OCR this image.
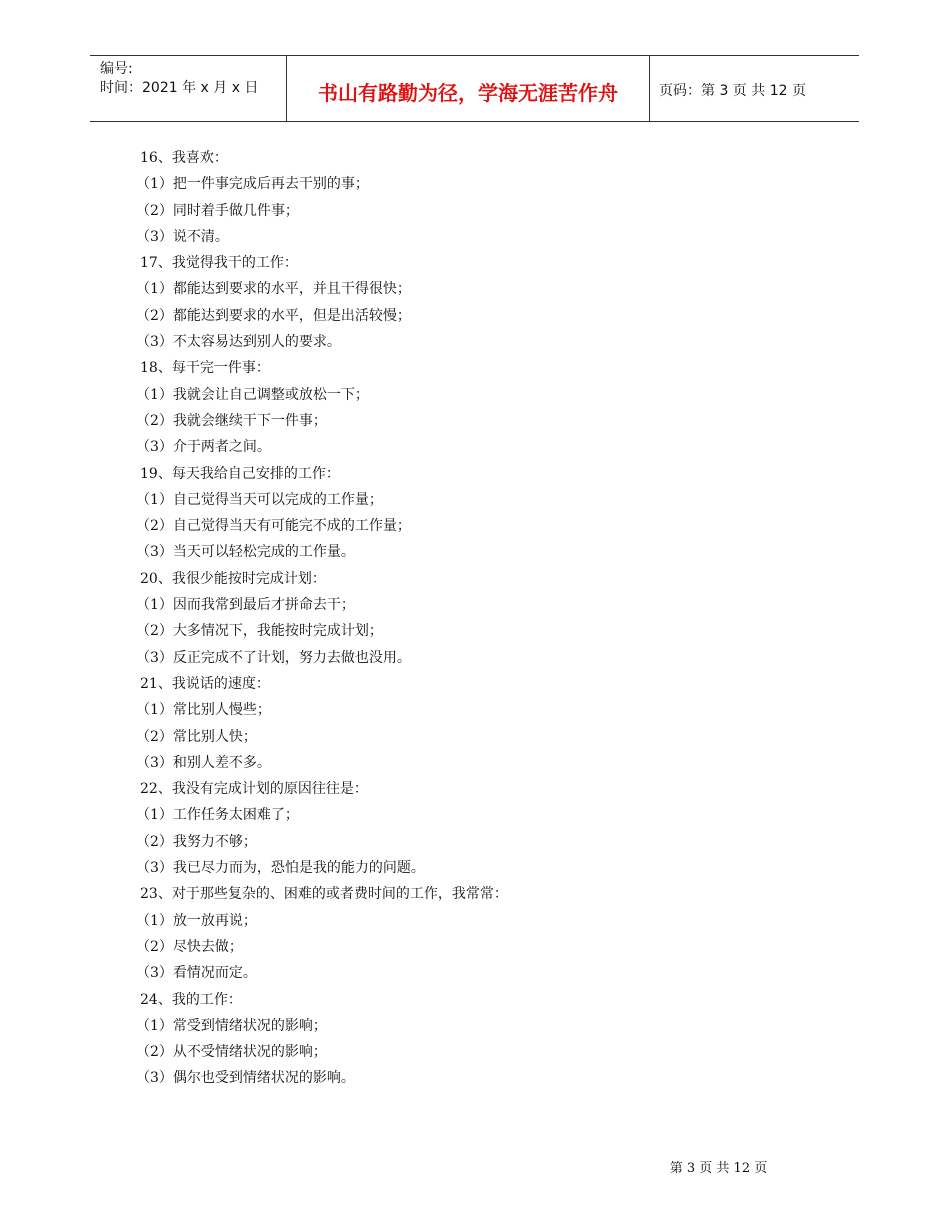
编号:
时间：2021 年 x 月 x 日	书山有路勤为径，学海无涯苦作舟	页码：第 3 页 共 12 页
16、我喜欢：
（1）把一件事完成后再去干别的事；
（2）同时着手做几件事；
（3）说不清。
17、我觉得我干的工作：
（1）都能达到要求的水平，并且干得很快；
（2）都能达到要求的水平，但是出活较慢；
（3）不太容易达到别人的要求。
18、每干完一件事：
（1）我就会让自己调整或放松一下；
（2）我就会继续干下一件事；
（3）介于两者之间。
19、每天我给自己安排的工作：
（1）自己觉得当天可以完成的工作量；
（2）自己觉得当天有可能完不成的工作量；
（3）当天可以轻松完成的工作量。
20、我很少能按时完成计划：
（1）因而我常到最后才拼命去干；
（2）大多情况下，我能按时完成计划；
（3）反正完成不了计划，努力去做也没用。
21、我说话的速度：
（1）常比别人慢些；
（2）常比别人快；
（3）和别人差不多。
22、我没有完成计划的原因往往是：
（1）工作任务太困难了；
（2）我努力不够；
（3）我已尽力而为，恐怕是我的能力的问题。
23、对于那些复杂的、困难的或者费时间的工作，我常常：
（1）放一放再说；
（2）尽快去做；
（3）看情况而定。
24、我的工作：
（1）常受到情绪状况的影响；
（2）从不受情绪状况的影响；
（3）偶尔也受到情绪状况的影响。
第 3 页 共 12 页
